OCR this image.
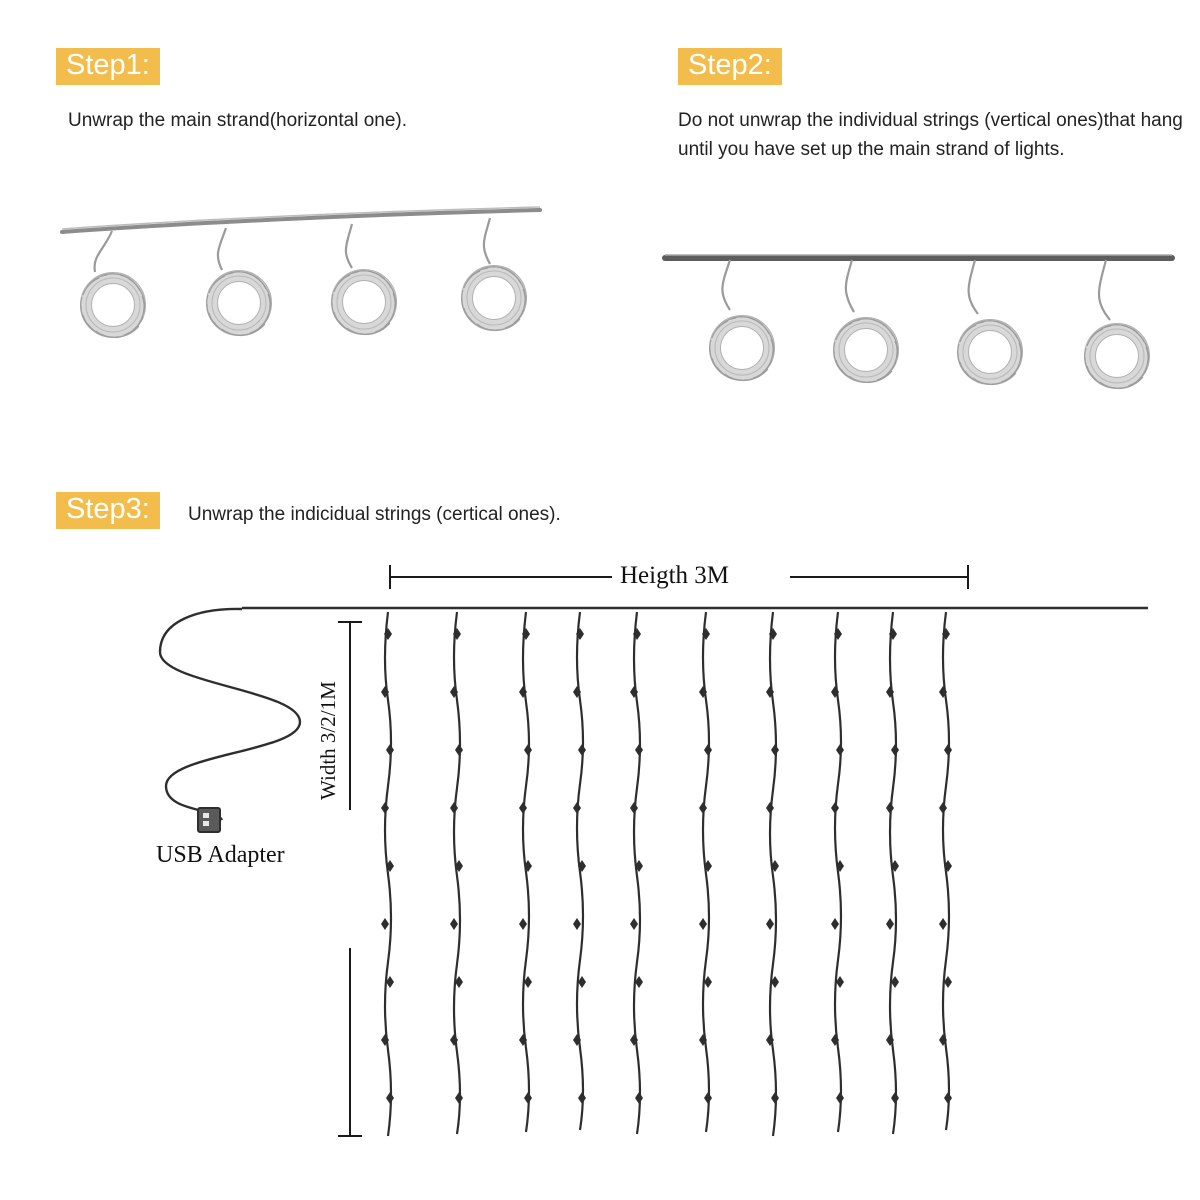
Step1:
Unwrap the main strand(horizontal one).
Step2:
Do not unwrap the individual strings (vertical ones)that hang until you have set up the main strand of lights.
Step3:	Unwrap the indicidual strings (certical ones).
Heigth 3M
Width 3/2/1M
USB Adapter
